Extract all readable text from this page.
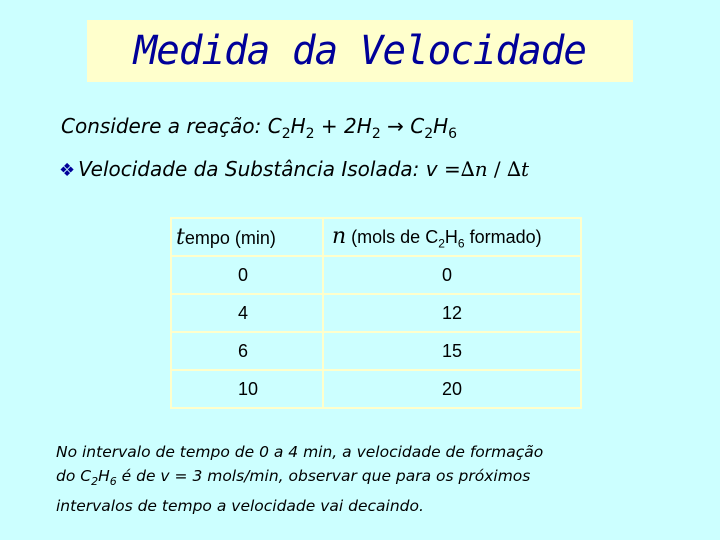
Medida da Velocidade
Considere a reação: $C_2H_2 + 2H_2 \to C_2H_6$
❖ Velocidade da Substância Isolada: v = ∆n / ∆t
tempo (min)	n (mols de $C_2H_6$ formado)
0	0
4	12
6	15
10	20
No intervalo de tempo de 0 a 4 min, a velocidade de formação
do $C_2H_6$ é de v = 3 mols/min, observar que para os próximos
intervalos de tempo a velocidade vai decaindo.
